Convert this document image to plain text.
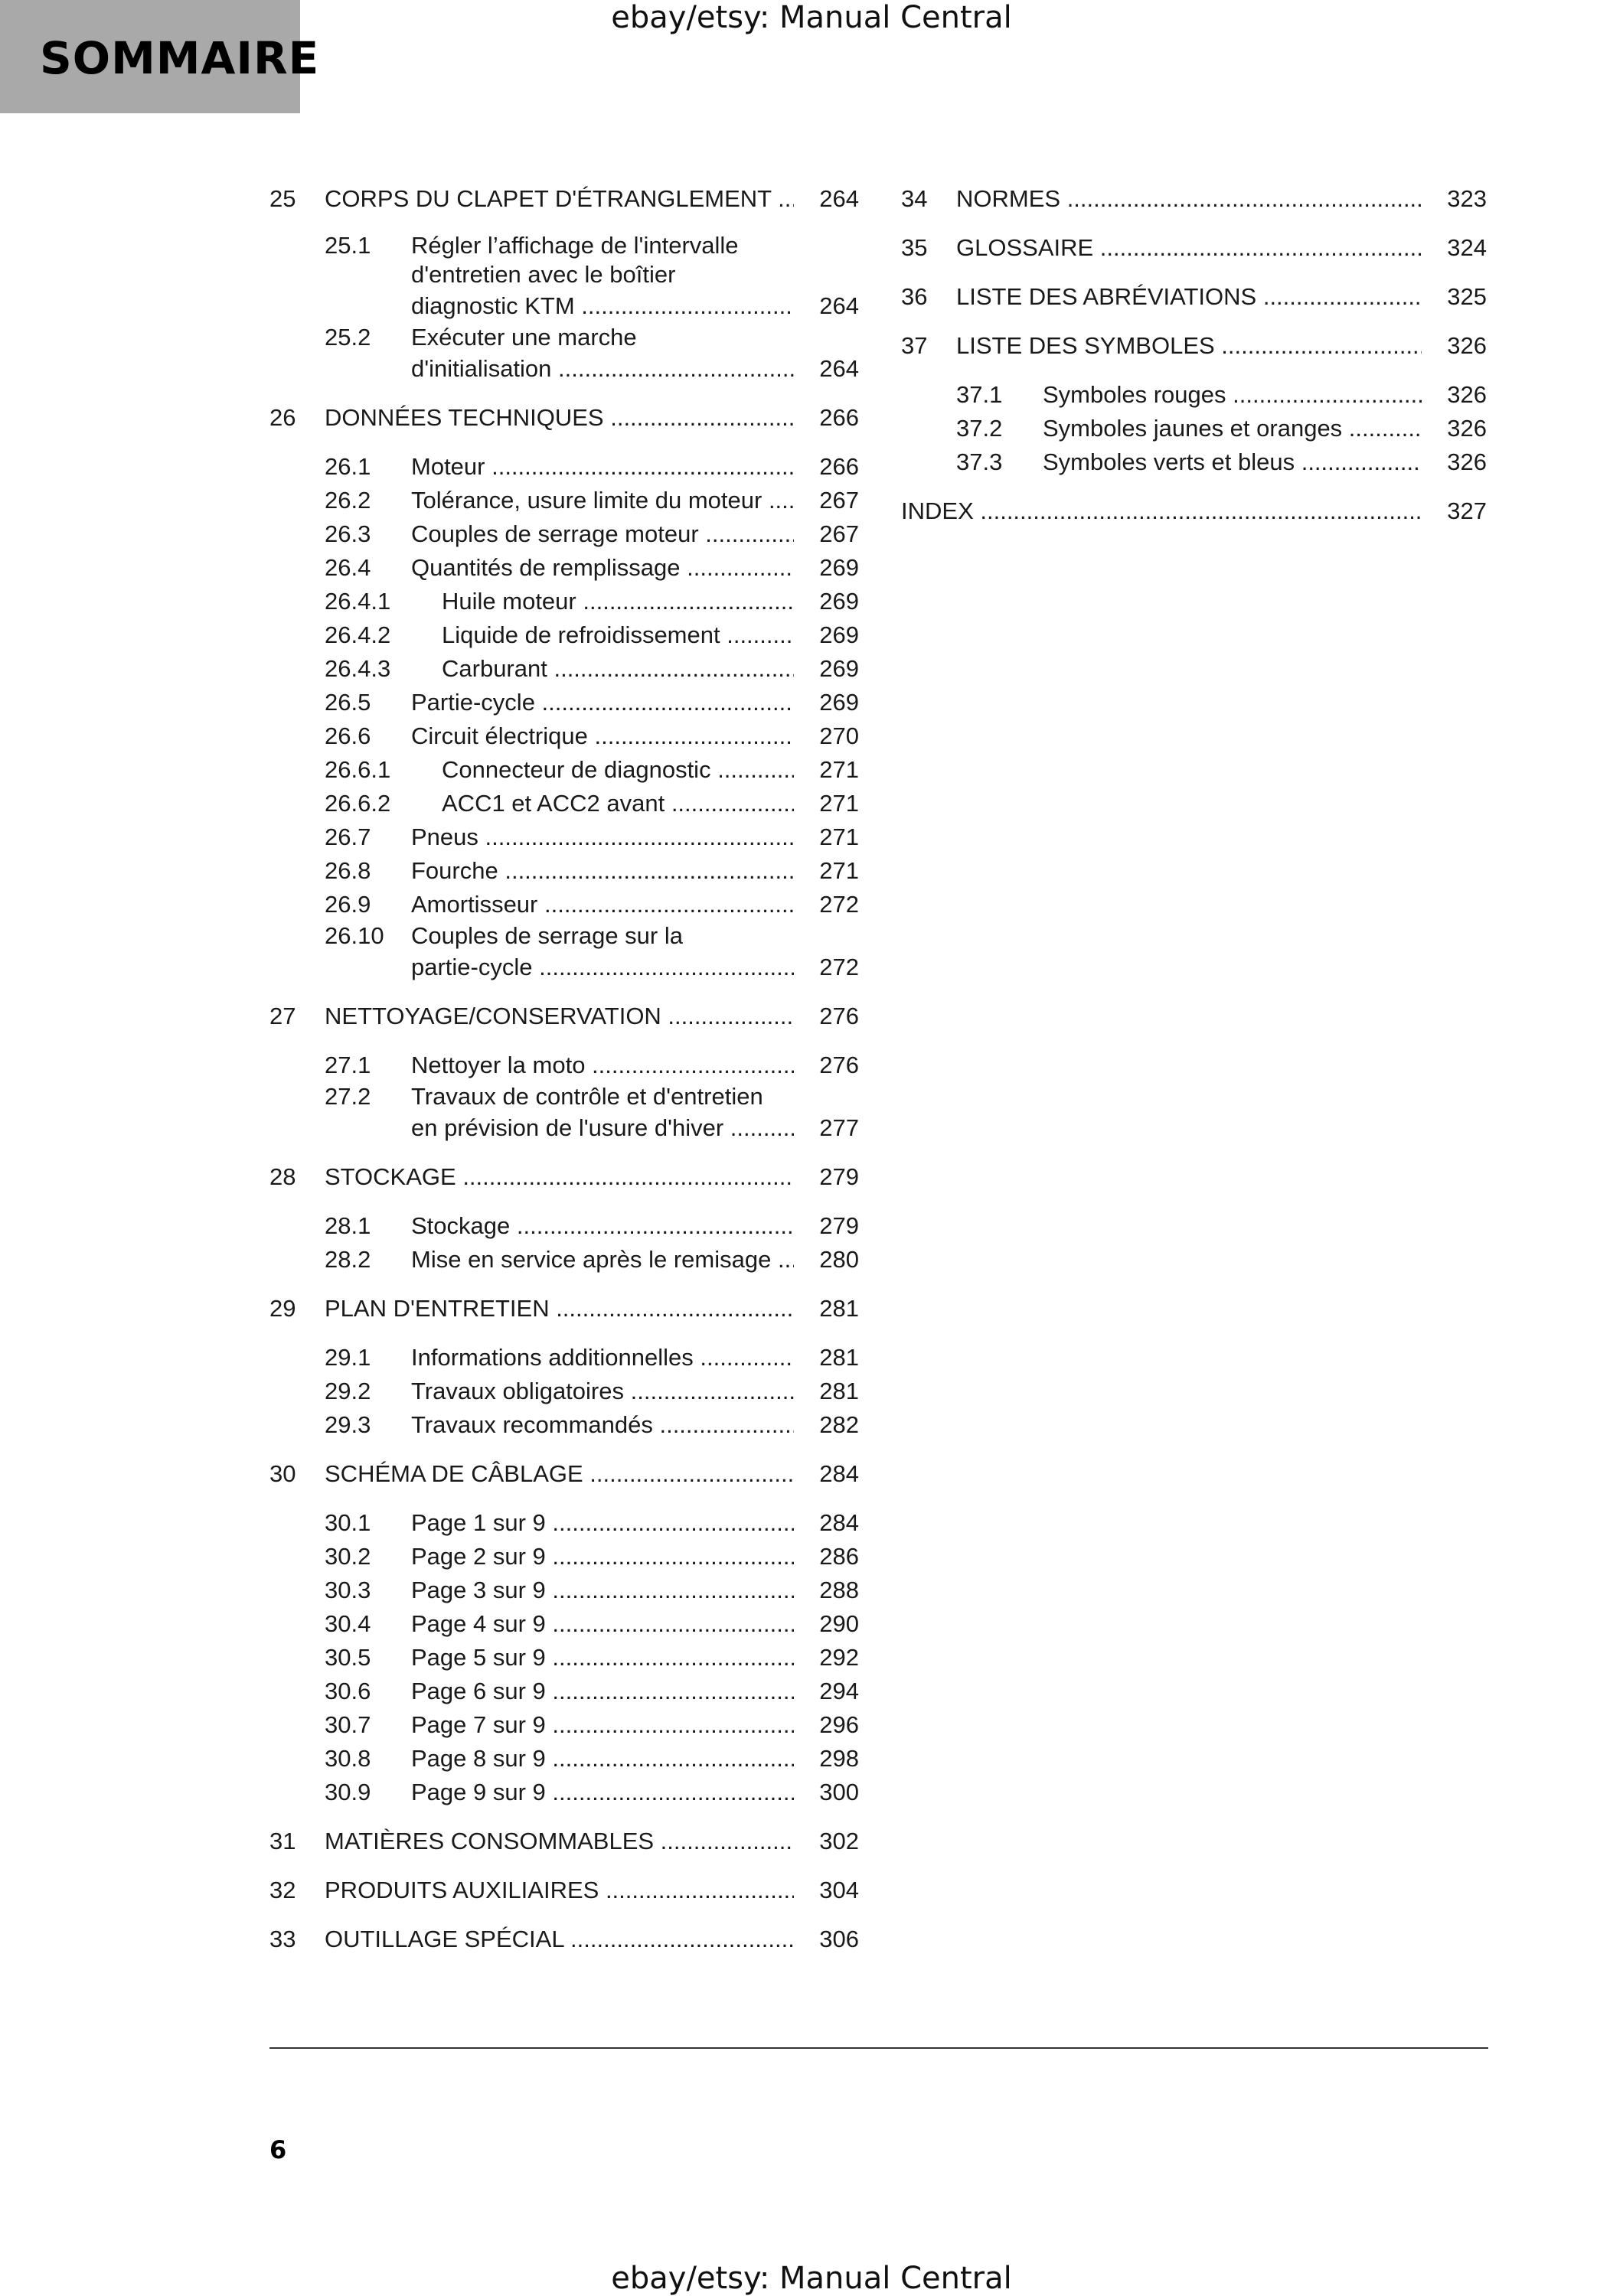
ebay/etsy: Manual Central
SOMMAIRE
25 CORPS DU CLAPET D'ÉTRANGLEMENT .....	264
25.1 Régler l’affichage de l'intervalle
d'entretien avec le boîtier
diagnostic KTM .....	264
25.2 Exécuter une marche
d'initialisation .....	264
26 DONNÉES TECHNIQUES .....	266
26.1 Moteur .....	266
26.2 Tolérance, usure limite du moteur .....	267
26.3 Couples de serrage moteur .....	267
26.4 Quantités de remplissage .....	269
26.4.1 Huile moteur .....	269
26.4.2 Liquide de refroidissement .....	269
26.4.3 Carburant .....	269
26.5 Partie-cycle .....	269
26.6 Circuit électrique .....	270
26.6.1 Connecteur de diagnostic .....	271
26.6.2 ACC1 et ACC2 avant .....	271
26.7 Pneus .....	271
26.8 Fourche .....	271
26.9 Amortisseur .....	272
26.10 Couples de serrage sur la
partie-cycle .....	272
27 NETTOYAGE/CONSERVATION .....	276
27.1 Nettoyer la moto .....	276
27.2 Travaux de contrôle et d'entretien
en prévision de l'usure d'hiver .....	277
28 STOCKAGE .....	279
28.1 Stockage .....	279
28.2 Mise en service après le remisage .....	280
29 PLAN D'ENTRETIEN .....	281
29.1 Informations additionnelles .....	281
29.2 Travaux obligatoires .....	281
29.3 Travaux recommandés .....	282
30 SCHÉMA DE CÂBLAGE .....	284
30.1 Page 1 sur 9 .....	284
30.2 Page 2 sur 9 .....	286
30.3 Page 3 sur 9 .....	288
30.4 Page 4 sur 9 .....	290
30.5 Page 5 sur 9 .....	292
30.6 Page 6 sur 9 .....	294
30.7 Page 7 sur 9 .....	296
30.8 Page 8 sur 9 .....	298
30.9 Page 9 sur 9 .....	300
31 MATIÈRES CONSOMMABLES .....	302
32 PRODUITS AUXILIAIRES .....	304
33 OUTILLAGE SPÉCIAL .....	306
34 NORMES .....	323
35 GLOSSAIRE .....	324
36 LISTE DES ABRÉVIATIONS .....	325
37 LISTE DES SYMBOLES .....	326
37.1 Symboles rouges .....	326
37.2 Symboles jaunes et oranges .....	326
37.3 Symboles verts et bleus .....	326
INDEX .....	327
6
ebay/etsy: Manual Central
